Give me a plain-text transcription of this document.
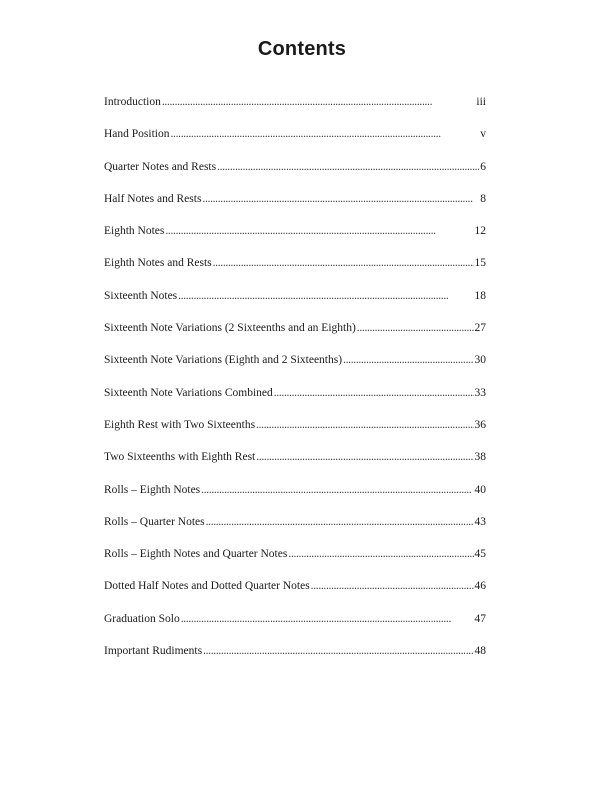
Contents
Introduction . . .	iii
Hand Position . . .	v
Quarter Notes and Rests . . .	6
Half Notes and Rests . . .	8
Eighth Notes . . .	12
Eighth Notes and Rests . . .	15
Sixteenth Notes . . .	18
Sixteenth Note Variations (2 Sixteenths and an Eighth) . . .	27
Sixteenth Note Variations (Eighth and 2 Sixteenths) . . .	30
Sixteenth Note Variations Combined . . .	33
Eighth Rest with Two Sixteenths . . .	36
Two Sixteenths with Eighth Rest . . .	38
Rolls – Eighth Notes . . .	40
Rolls – Quarter Notes . . .	43
Rolls – Eighth Notes and Quarter Notes . . .	45
Dotted Half Notes and Dotted Quarter Notes . . .	46
Graduation Solo . . .	47
Important Rudiments . . .	48
